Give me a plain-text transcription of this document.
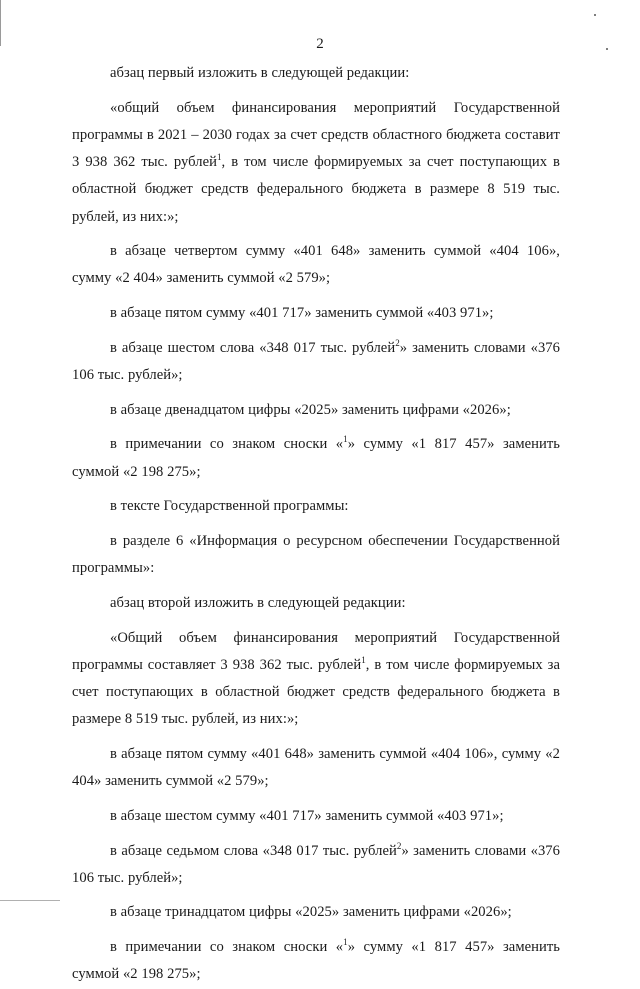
2

абзац первый изложить в следующей редакции:

«общий объем финансирования мероприятий Государственной программы в 2021 – 2030 годах за счет средств областного бюджета составит 3 938 362 тыс. рублей$^1$, в том числе формируемых за счет поступающих в областной бюджет средств федерального бюджета в размере 8 519 тыс. рублей, из них:»;

в абзаце четвертом сумму «401 648» заменить суммой «404 106», сумму «2 404» заменить суммой «2 579»;

в абзаце пятом сумму «401 717» заменить суммой «403 971»;

в абзаце шестом слова «348 017 тыс. рублей$^2$» заменить словами «376 106 тыс. рублей»;

в абзаце двенадцатом цифры «2025» заменить цифрами «2026»;

в примечании со знаком сноски «$^1$» сумму «1 817 457» заменить суммой «2 198 275»;

в тексте Государственной программы:

в разделе 6 «Информация о ресурсном обеспечении Государственной программы»:

абзац второй изложить в следующей редакции:

«Общий объем финансирования мероприятий Государственной программы составляет 3 938 362 тыс. рублей$^1$, в том числе формируемых за счет поступающих в областной бюджет средств федерального бюджета в размере 8 519 тыс. рублей, из них:»;

в абзаце пятом сумму «401 648» заменить суммой «404 106», сумму «2 404» заменить суммой «2 579»;

в абзаце шестом сумму «401 717» заменить суммой «403 971»;

в абзаце седьмом слова «348 017 тыс. рублей$^2$» заменить словами «376 106 тыс. рублей»;

в абзаце тринадцатом цифры «2025» заменить цифрами «2026»;

в примечании со знаком сноски «$^1$» сумму «1 817 457» заменить суммой «2 198 275»;
